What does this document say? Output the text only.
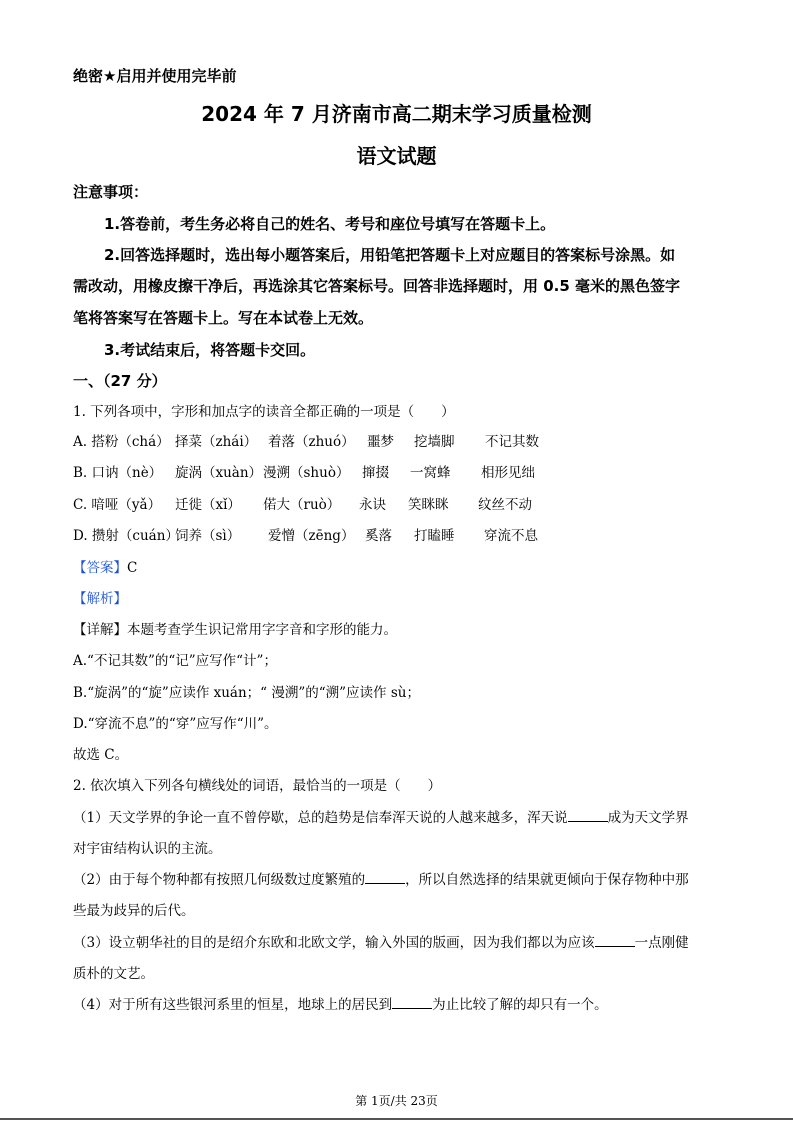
绝密★启用并使用完毕前
2024 年 7 月济南市高二期末学习质量检测
语文试题
注意事项：
1.答卷前，考生务必将自己的姓名、考号和座位号填写在答题卡上。
2.回答选择题时，选出每小题答案后，用铅笔把答题卡上对应题目的答案标号涂黑。如
需改动，用橡皮擦干净后，再选涂其它答案标号。回答非选择题时，用 0.5 毫米的黑色签字
笔将答案写在答题卡上。写在本试卷上无效。
3.考试结束后，将答题卡交回。
一、（27 分）
1. 下列各项中，字形和加点字的读音全都正确的一项是（　　）
A. 搭粉（chá） 择菜（zhái） 着落（zhuó） 噩梦 挖墙脚 不记其数
B. 口讷（nè） 旋涡（xuàn） 漫溯（shuò） 撺掇 一窝蜂 相形见绌
C. 喑哑（yǎ） 迁徙（xǐ） 偌大（ruò） 永诀 笑眯眯 纹丝不动
D. 攒射（cuán）
饲养（sì） 爱憎（zēng） 奚落 打瞌睡 穿流不息
【答案】C
【解析】
【详解】本题考查学生识记常用字字音和字形的能力。
A.“不记其数”的“记”应写作“计”；
B.“旋涡”的“旋”应读作 xuán；“ 漫溯”的“溯”应读作 sù；
D.“穿流不息”的“穿”应写作“川”。
故选 C。
2. 依次填入下列各句横线处的词语，最恰当的一项是（　　）
（1）天文学界的争论一直不曾停歇，总的趋势是信奉浑天说的人越来越多，浑天说	成为天文学界
对宇宙结构认识的主流。
（2）由于每个物种都有按照几何级数过度繁殖的	，所以自然选择的结果就更倾向于保存物种中那
些最为歧异的后代。
（3）设立朝华社的目的是绍介东欧和北欧文学，输入外国的版画，因为我们都以为应该	一点刚健
质朴的文艺。
（4）对于所有这些银河系里的恒星，地球上的居民到	为止比较了解的却只有一个。
第 1页/共 23页
